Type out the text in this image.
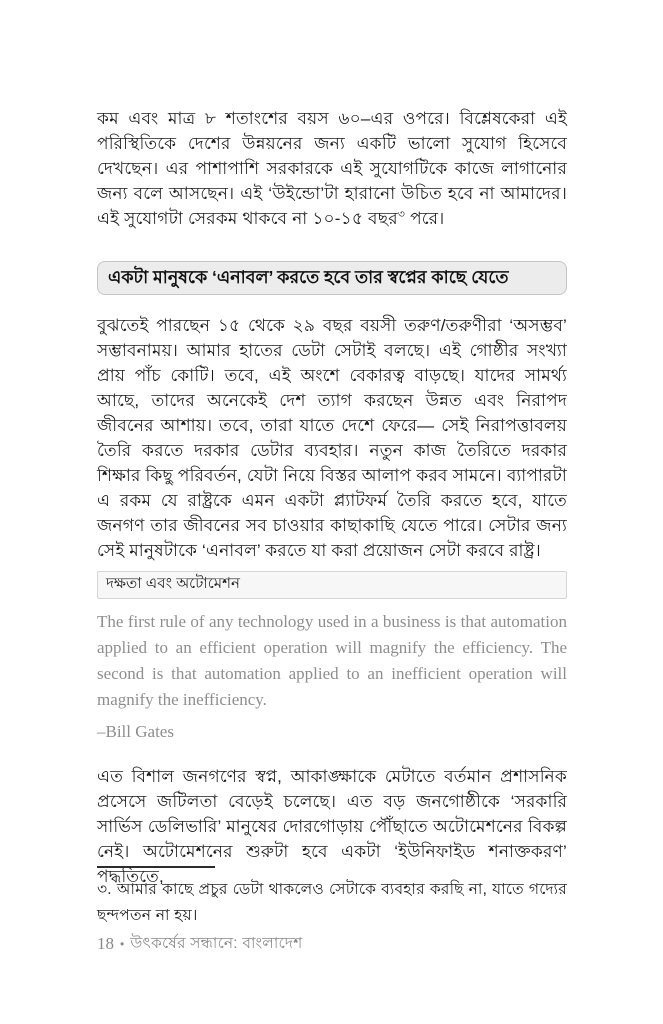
কম এবং মাত্র ৮ শতাংশের বয়স ৬০–এর ওপরে। বিশ্লেষকেরা এই পরিস্থিতিকে দেশের উন্নয়নের জন্য একটি ভালো সুযোগ হিসেবে দেখছেন। এর পাশাপাশি সরকারকে এই সুযোগটিকে কাজে লাগানোর জন্য বলে আসছেন। এই ‘উইন্ডো’টা হারানো উচিত হবে না আমাদের। এই সুযোগটা সেরকম থাকবে না ১০-১৫ বছর$^৩$ পরে।

একটা মানুষকে ‘এনাবল’ করতে হবে তার স্বপ্নের কাছে যেতে

বুঝতেই পারছেন ১৫ থেকে ২৯ বছর বয়সী তরুণ/তরুণীরা ‘অসম্ভব’ সম্ভাবনাময়। আমার হাতের ডেটা সেটাই বলছে। এই গোষ্ঠীর সংখ্যা প্রায় পাঁচ কোটি। তবে, এই অংশে বেকারত্ব বাড়ছে। যাদের সামর্থ্য আছে, তাদের অনেকেই দেশ ত্যাগ করছেন উন্নত এবং নিরাপদ জীবনের আশায়। তবে, তারা যাতে দেশে ফেরে— সেই নিরাপত্তাবলয় তৈরি করতে দরকার ডেটার ব্যবহার। নতুন কাজ তৈরিতে দরকার শিক্ষার কিছু পরিবর্তন, যেটা নিয়ে বিস্তর আলাপ করব সামনে। ব্যাপারটা এ রকম যে রাষ্ট্রকে এমন একটা প্ল্যাটফর্ম তৈরি করতে হবে, যাতে জনগণ তার জীবনের সব চাওয়ার কাছাকাছি যেতে পারে। সেটার জন্য সেই মানুষটাকে ‘এনাবল’ করতে যা করা প্রয়োজন সেটা করবে রাষ্ট্র।

দক্ষতা এবং অটোমেশন
The first rule of any technology used in a business is that automation applied to an efficient operation will magnify the efficiency. The second is that automation applied to an inefficient operation will magnify the inefficiency.

–Bill Gates

এত বিশাল জনগণের স্বপ্ন, আকাঙ্ক্ষাকে মেটাতে বর্তমান প্রশাসনিক প্রসেসে জটিলতা বেড়েই চলেছে। এত বড় জনগোষ্ঠীকে ‘সরকারি সার্ভিস ডেলিভারি’ মানুষের দোরগোড়ায় পৌঁছাতে অটোমেশনের বিকল্প নেই। অটোমেশনের শুরুটা হবে একটা ‘ইউনিফাইড শনাক্তকরণ’ পদ্ধতিতে,

৩. আমার কাছে প্রচুর ডেটা থাকলেও সেটাকে ব্যবহার করছি না, যাতে গদ্যের ছন্দপতন না হয়।

18 • উৎকর্ষের সন্ধানে: বাংলাদেশ
